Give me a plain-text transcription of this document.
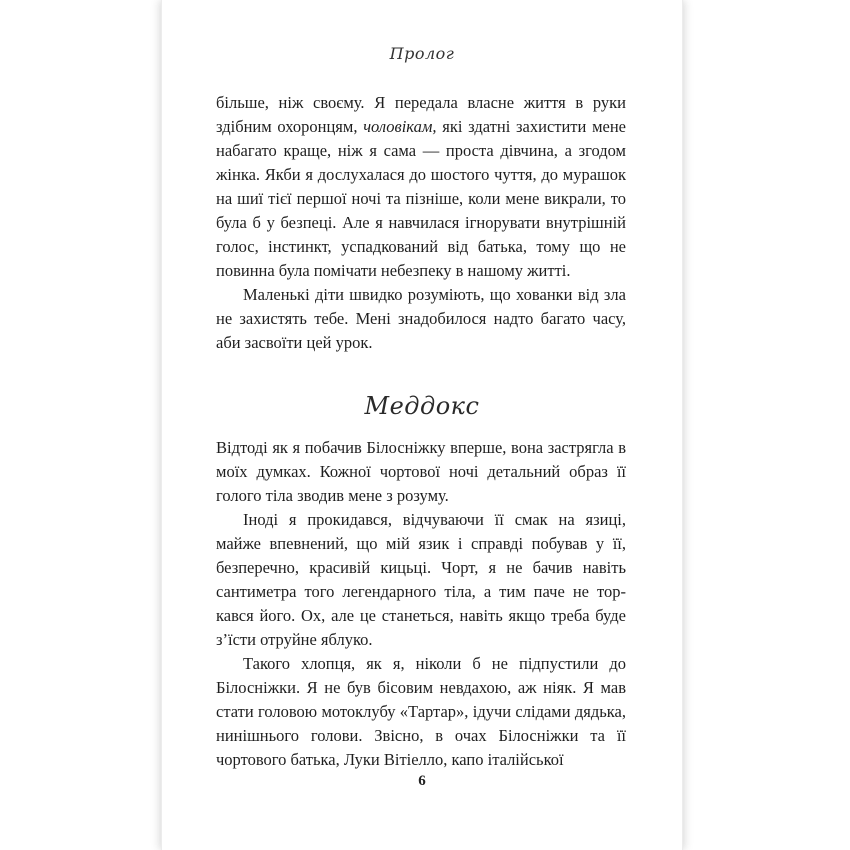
Пролог

більше, ніж своєму. Я передала власне життя в руки здібним охоронцям, чоловікам, які здатні захистити мене набагато краще, ніж я сама — проста дівчина, а згодом жінка. Якби я дослухалася до шостого чуття, до мурашок на шиї тієї першої ночі та пізніше, коли мене викрали, то була б у безпеці. Але я навчилася ігнорувати внутрішній голос, інстинкт, успадкований від батька, тому що не повинна була помічати небезпеку в нашому житті.

Маленькі діти швидко розуміють, що хованки від зла не захистять тебе. Мені знадобилося надто багато часу, аби засвоїти цей урок.

Меддокс

Відтоді як я побачив Білосніжку вперше, вона застрягла в моїх думках. Кожної чортової ночі детальний образ її голого тіла зводив мене з розуму.

Іноді я прокидався, відчуваючи її смак на язиці, майже впевнений, що мій язик і справді побував у її, безперечно, красивій кицьці. Чорт, я не бачив навіть сантиметра того легендарного тіла, а тим паче не торкався його. Ох, але це станеться, навіть якщо треба буде з’їсти отруйне яблуко.

Такого хлопця, як я, ніколи б не підпустили до Білосніжки. Я не був бісовим невдахою, аж ніяк. Я мав стати головою мотоклубу «Тартар», ідучи слідами дядька, нинішнього голови. Звісно, в очах Білосніжки та її чортового батька, Луки Вітіелло, капо італійської

6
